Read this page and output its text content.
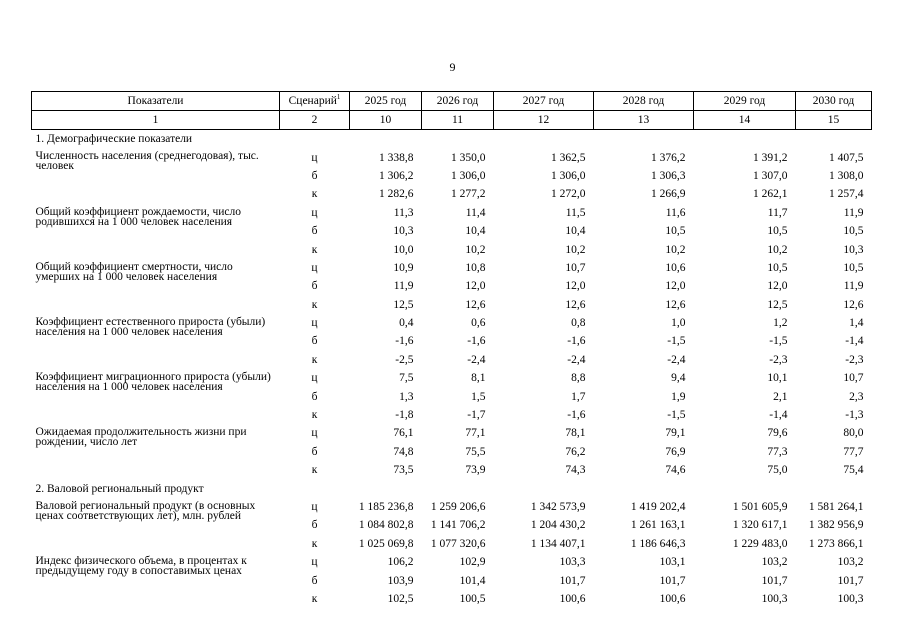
9
Показатели	Сценарий$^1$	2025 год	2026 год	2027 год	2028 год	2029 год	2030 год
1	2	10	11	12	13	14	15
1. Демографические показатели							
Численность населения (среднегодовая), тыс. человек	ц	1 338,8	1 350,0	1 362,5	1 376,2	1 391,2	1 407,5
	б	1 306,2	1 306,0	1 306,0	1 306,3	1 307,0	1 308,0
	к	1 282,6	1 277,2	1 272,0	1 266,9	1 262,1	1 257,4
Общий коэффициент рождаемости, число родившихся на 1 000 человек населения	ц	11,3	11,4	11,5	11,6	11,7	11,9
	б	10,3	10,4	10,4	10,5	10,5	10,5
	к	10,0	10,2	10,2	10,2	10,2	10,3
Общий коэффициент смертности, число умерших на 1 000 человек населения	ц	10,9	10,8	10,7	10,6	10,5	10,5
	б	11,9	12,0	12,0	12,0	12,0	11,9
	к	12,5	12,6	12,6	12,6	12,5	12,6
Коэффициент естественного прироста (убыли) населения на 1 000 человек населения	ц	0,4	0,6	0,8	1,0	1,2	1,4
	б	-1,6	-1,6	-1,6	-1,5	-1,5	-1,4
	к	-2,5	-2,4	-2,4	-2,4	-2,3	-2,3
Коэффициент миграционного прироста (убыли) населения на 1 000 человек населения	ц	7,5	8,1	8,8	9,4	10,1	10,7
	б	1,3	1,5	1,7	1,9	2,1	2,3
	к	-1,8	-1,7	-1,6	-1,5	-1,4	-1,3
Ожидаемая продолжительность жизни при рождении, число лет	ц	76,1	77,1	78,1	79,1	79,6	80,0
	б	74,8	75,5	76,2	76,9	77,3	77,7
	к	73,5	73,9	74,3	74,6	75,0	75,4
2. Валовой региональный продукт							
Валовой региональный продукт (в основных ценах соответствующих лет), млн. рублей	ц	1 185 236,8	1 259 206,6	1 342 573,9	1 419 202,4	1 501 605,9	1 581 264,1
	б	1 084 802,8	1 141 706,2	1 204 430,2	1 261 163,1	1 320 617,1	1 382 956,9
	к	1 025 069,8	1 077 320,6	1 134 407,1	1 186 646,3	1 229 483,0	1 273 866,1
Индекс физического объема, в процентах к предыдущему году в сопоставимых ценах	ц	106,2	102,9	103,3	103,1	103,2	103,2
	б	103,9	101,4	101,7	101,7	101,7	101,7
	к	102,5	100,5	100,6	100,6	100,3	100,3
